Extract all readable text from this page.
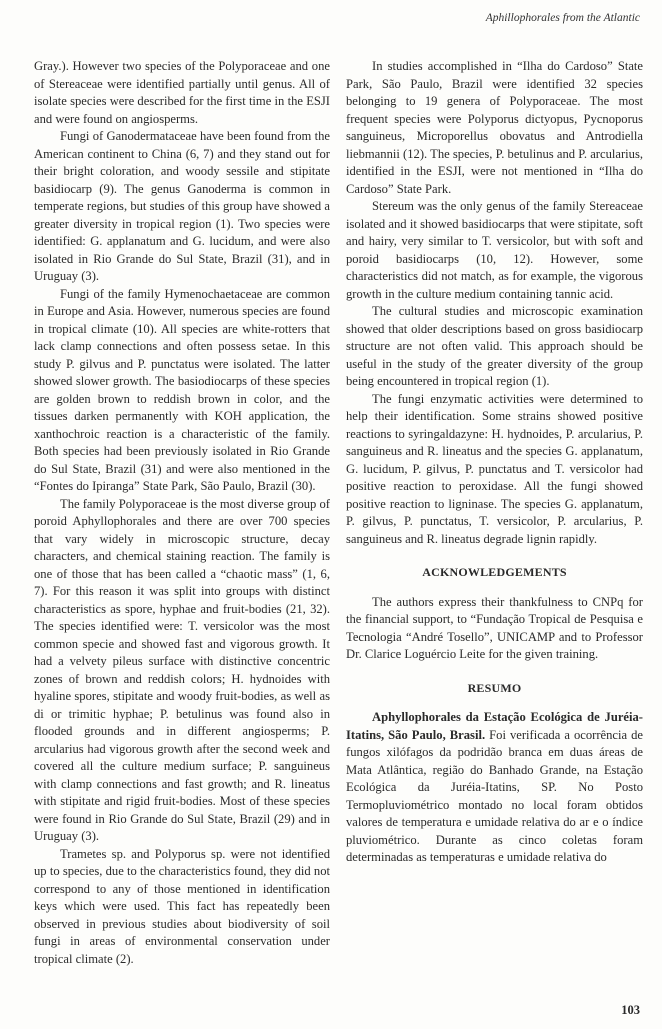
Aphillophorales from the Atlantic

Gray.). However two species of the Polyporaceae and one of Stereaceae were identified partially until genus. All of isolate species were described for the first time in the ESJI and were found on angiosperms.

Fungi of Ganodermataceae have been found from the American continent to China (6, 7) and they stand out for their bright coloration, and woody sessile and stipitate basidiocarp (9). The genus Ganoderma is common in temperate regions, but studies of this group have showed a greater diversity in tropical region (1). Two species were identified: G. applanatum and G. lucidum, and were also isolated in Rio Grande do Sul State, Brazil (31), and in Uruguay (3).

Fungi of the family Hymenochaetaceae are common in Europe and Asia. However, numerous species are found in tropical climate (10). All species are white-rotters that lack clamp connections and often possess setae. In this study P. gilvus and P. punctatus were isolated. The latter showed slower growth. The basiodiocarps of these species are golden brown to reddish brown in color, and the tissues darken permanently with KOH application, the xanthochroic reaction is a characteristic of the family. Both species had been previously isolated in Rio Grande do Sul State, Brazil (31) and were also mentioned in the “Fontes do Ipiranga” State Park, São Paulo, Brazil (30).

The family Polyporaceae is the most diverse group of poroid Aphyllophorales and there are over 700 species that vary widely in microscopic structure, decay characters, and chemical staining reaction. The family is one of those that has been called a “chaotic mass” (1, 6, 7). For this reason it was split into groups with distinct characteristics as spore, hyphae and fruit-bodies (21, 32). The species identified were: T. versicolor was the most common specie and showed fast and vigorous growth. It had a velvety pileus surface with distinctive concentric zones of brown and reddish colors; H. hydnoides with hyaline spores, stipitate and woody fruit-bodies, as well as di or trimitic hyphae; P. betulinus was found also in flooded grounds and in different angiosperms; P. arcularius had vigorous growth after the second week and covered all the culture medium surface; P. sanguineus with clamp connections and fast growth; and R. lineatus with stipitate and rigid fruit-bodies. Most of these species were found in Rio Grande do Sul State, Brazil (29) and in Uruguay (3).

Trametes sp. and Polyporus sp. were not identified up to species, due to the characteristics found, they did not correspond to any of those mentioned in identification keys which were used. This fact has repeatedly been observed in previous studies about biodiversity of soil fungi in areas of environmental conservation under tropical climate (2).

In studies accomplished in “Ilha do Cardoso” State Park, São Paulo, Brazil were identified 32 species belonging to 19 genera of Polyporaceae. The most frequent species were Polyporus dictyopus, Pycnoporus sanguineus, Microporellus obovatus and Antrodiella liebmannii (12). The species, P. betulinus and P. arcularius, identified in the ESJI, were not mentioned in “Ilha do Cardoso” State Park.

Stereum was the only genus of the family Stereaceae isolated and it showed basidiocarps that were stipitate, soft and hairy, very similar to T. versicolor, but with soft and poroid basidiocarps (10, 12). However, some characteristics did not match, as for example, the vigorous growth in the culture medium containing tannic acid.

The cultural studies and microscopic examination showed that older descriptions based on gross basidiocarp structure are not often valid. This approach should be useful in the study of the greater diversity of the group being encountered in tropical region (1).

The fungi enzymatic activities were determined to help their identification. Some strains showed positive reactions to syringaldazyne: H. hydnoides, P. arcularius, P. sanguineus and R. lineatus and the species G. applanatum, G. lucidum, P. gilvus, P. punctatus and T. versicolor had positive reaction to peroxidase. All the fungi showed positive reaction to ligninase. The species G. applanatum, P. gilvus, P. punctatus, T. versicolor, P. arcularius, P. sanguineus and R. lineatus degrade lignin rapidly.

ACKNOWLEDGEMENTS

The authors express their thankfulness to CNPq for the financial support, to “Fundação Tropical de Pesquisa e Tecnologia “André Tosello”, UNICAMP and to Professor Dr. Clarice Loguércio Leite for the given training.

RESUMO

Aphyllophorales da Estação Ecológica de Juréia-Itatins, São Paulo, Brasil. Foi verificada a ocorrência de fungos xilófagos da podridão branca em duas áreas de Mata Atlântica, região do Banhado Grande, na Estação Ecológica da Juréia-Itatins, SP. No Posto Termopluviométrico montado no local foram obtidos valores de temperatura e umidade relativa do ar e o índice pluviométrico. Durante as cinco coletas foram determinadas as temperaturas e umidade relativa do

103
